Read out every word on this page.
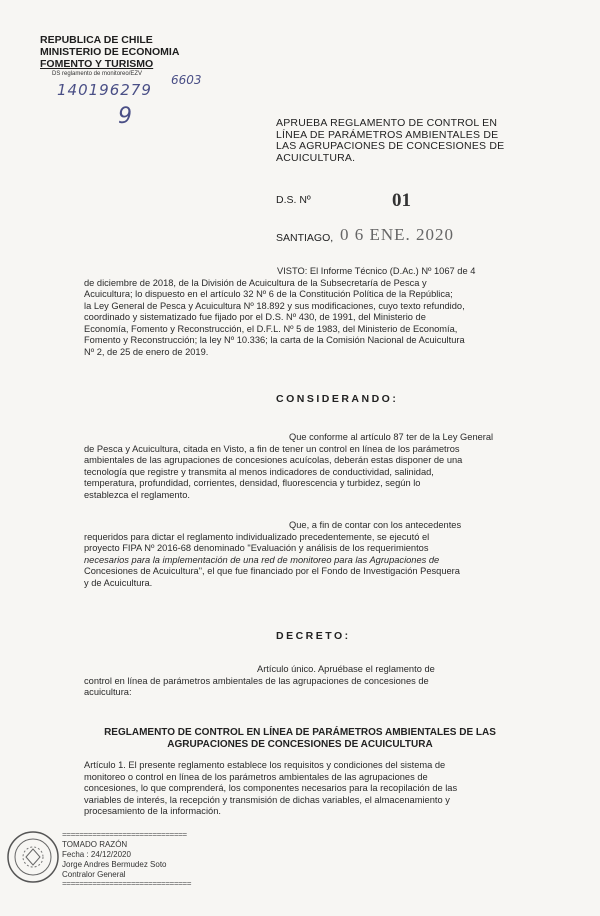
REPUBLICA DE CHILE
MINISTERIO DE ECONOMIA
FOMENTO Y TURISMO
DS reglamento de monitoreo/EZV
140196279
6603
9	APRUEBA REGLAMENTO DE CONTROL EN
LÍNEA DE PARÁMETROS AMBIENTALES DE
LAS AGRUPACIONES DE CONCESIONES DE
ACUICULTURA.
D.S. Nº	01
SANTIAGO, 0 6 ENE. 2020

VISTO: El Informe Técnico (D.Ac.) Nº 1067 de 4

de diciembre de 2018, de la División de Acuicultura de la Subsecretaría de Pesca y

Acuicultura; lo dispuesto en el artículo 32 Nº 6 de la Constitución Política de la República;

la Ley General de Pesca y Acuicultura Nº 18.892 y sus modificaciones, cuyo texto refundido,

coordinado y sistematizado fue fijado por el D.S. Nº 430, de 1991, del Ministerio de

Economía, Fomento y Reconstrucción, el D.F.L. Nº 5 de 1983, del Ministerio de Economía,

Fomento y Reconstrucción; la ley Nº 10.336; la carta de la Comisión Nacional de Acuicultura

Nº 2, de 25 de enero de 2019.

CONSIDERANDO:

Que conforme al artículo 87 ter de la Ley General

de Pesca y Acuicultura, citada en Visto, a fin de tener un control en línea de los parámetros

ambientales de las agrupaciones de concesiones acuícolas, deberán estas disponer de una

tecnología que registre y transmita al menos indicadores de conductividad, salinidad,

temperatura, profundidad, corrientes, densidad, fluorescencia y turbidez, según lo

establezca el reglamento.

Que, a fin de contar con los antecedentes

requeridos para dictar el reglamento individualizado precedentemente, se ejecutó el

proyecto FIPA Nº 2016-68 denominado "Evaluación y análisis de los requerimientos

necesarios para la implementación de una red de monitoreo para las Agrupaciones de

Concesiones de Acuicultura", el que fue financiado por el Fondo de Investigación Pesquera

y de Acuicultura.

DECRETO:

Artículo único. Apruébase el reglamento de

control en línea de parámetros ambientales de las agrupaciones de concesiones de

acuicultura:

REGLAMENTO DE CONTROL EN LÍNEA DE PARÁMETROS AMBIENTALES DE LAS
AGRUPACIONES DE CONCESIONES DE ACUICULTURA

Artículo 1. El presente reglamento establece los requisitos y condiciones del sistema de

monitoreo o control en línea de los parámetros ambientales de las agrupaciones de

concesiones, lo que comprenderá, los componentes necesarios para la recopilación de las

variables de interés, la recepción y transmisión de dichas variables, el almacenamiento y

procesamiento de la información.

=============================
TOMADO RAZÓN
Fecha : 24/12/2020
Jorge Andres Bermudez Soto
Contralor General
==============================
